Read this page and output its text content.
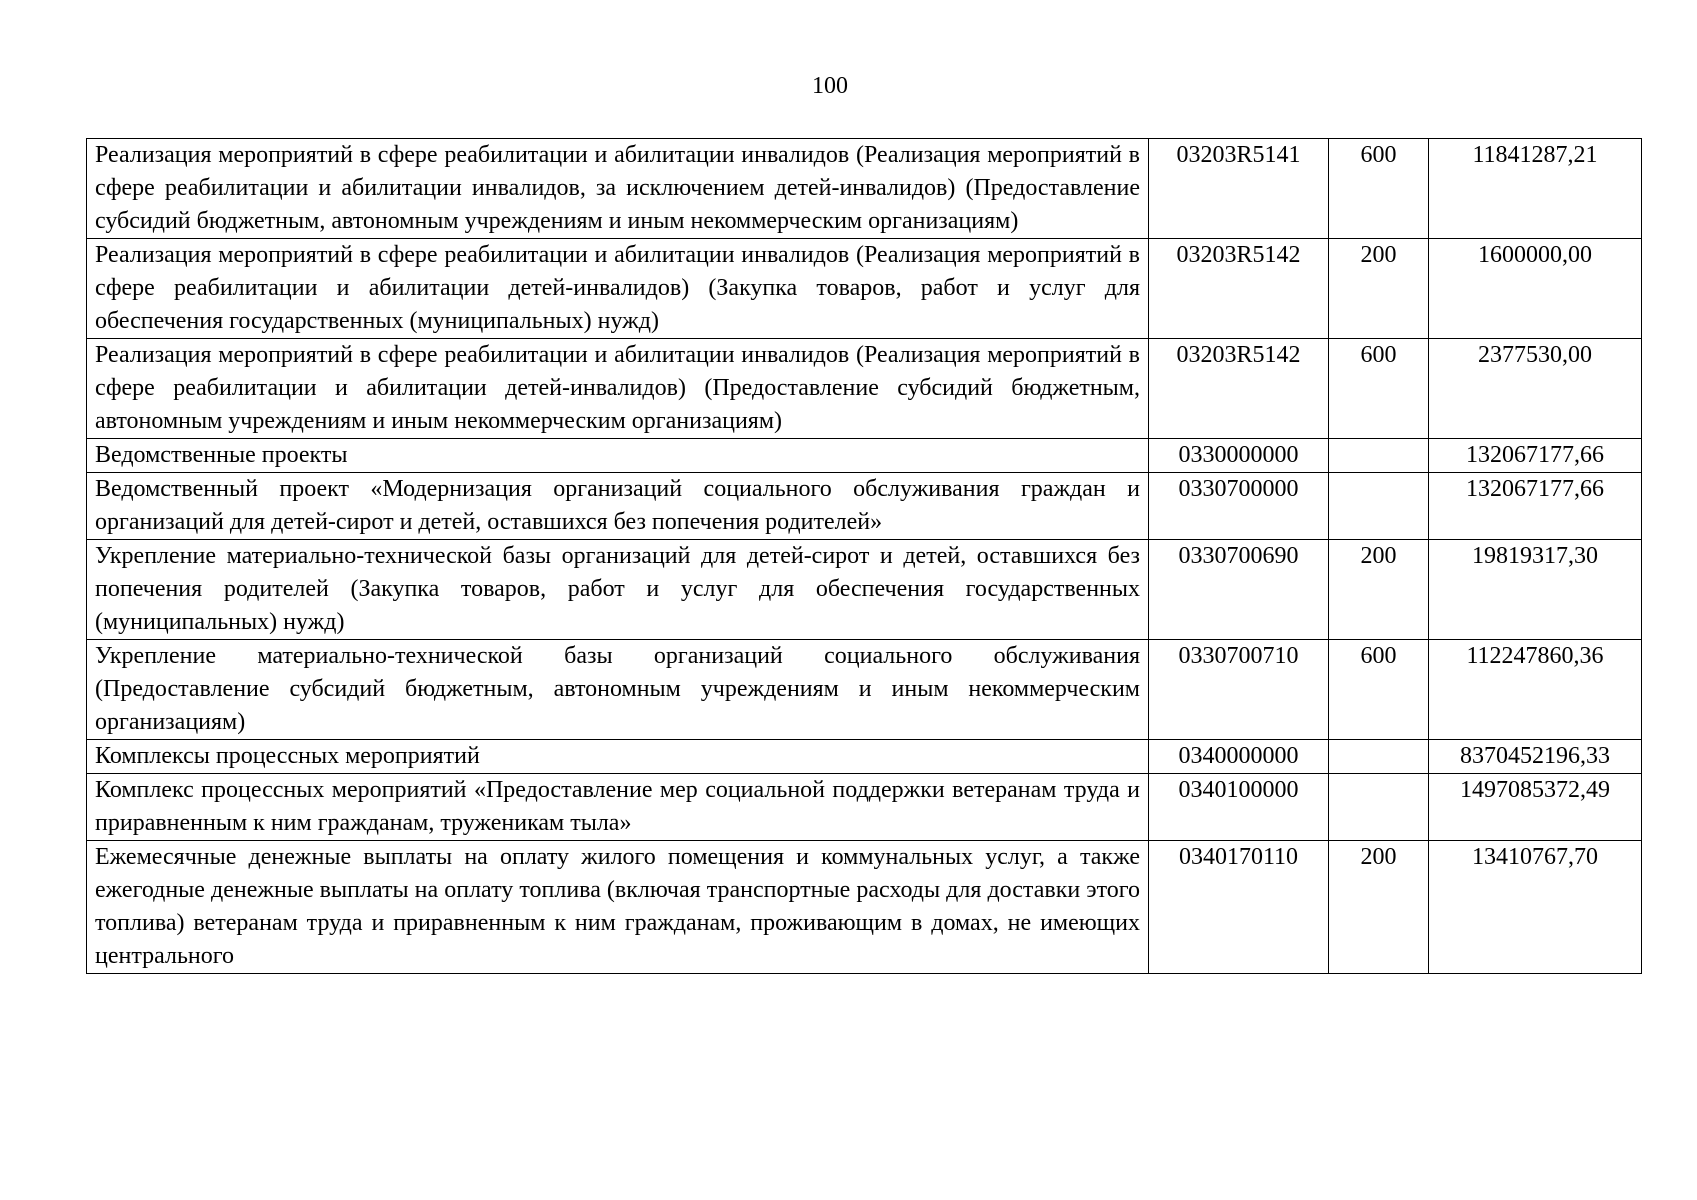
100
Реализация мероприятий в сфере реабилитации и абилитации инвалидов (Реализация мероприятий в сфере реабилитации и абилитации инвалидов, за исключением детей-инвалидов) (Предоставление субсидий бюджетным, автономным учреждениям и иным некоммерческим организациям)	03203R5141	600	11841287,21
Реализация мероприятий в сфере реабилитации и абилитации инвалидов (Реализация мероприятий в сфере реабилитации и абилитации детей-инвалидов) (Закупка товаров, работ и услуг для обеспечения государственных (муниципальных) нужд)	03203R5142	200	1600000,00
Реализация мероприятий в сфере реабилитации и абилитации инвалидов (Реализация мероприятий в сфере реабилитации и абилитации детей-инвалидов) (Предоставление субсидий бюджетным, автономным учреждениям и иным некоммерческим организациям)	03203R5142	600	2377530,00
Ведомственные проекты	0330000000		132067177,66
Ведомственный проект «Модернизация организаций социального обслуживания граждан и организаций для детей-сирот и детей, оставшихся без попечения родителей»	0330700000		132067177,66
Укрепление материально-технической базы организаций для детей-сирот и детей, оставшихся без попечения родителей (Закупка товаров, работ и услуг для обеспечения государственных (муниципальных) нужд)	0330700690	200	19819317,30
Укрепление материально-технической базы организаций социального обслуживания (Предоставление субсидий бюджетным, автономным учреждениям и иным некоммерческим организациям)	0330700710	600	112247860,36
Комплексы процессных мероприятий	0340000000		8370452196,33
Комплекс процессных мероприятий «Предоставление мер социальной поддержки ветеранам труда и приравненным к ним гражданам, труженикам тыла»	0340100000		1497085372,49
Ежемесячные денежные выплаты на оплату жилого помещения и коммунальных услуг, а также ежегодные денежные выплаты на оплату топлива (включая транспортные расходы для доставки этого топлива) ветеранам труда и приравненным к ним гражданам, проживающим в домах, не имеющих центрального	0340170110	200	13410767,70
